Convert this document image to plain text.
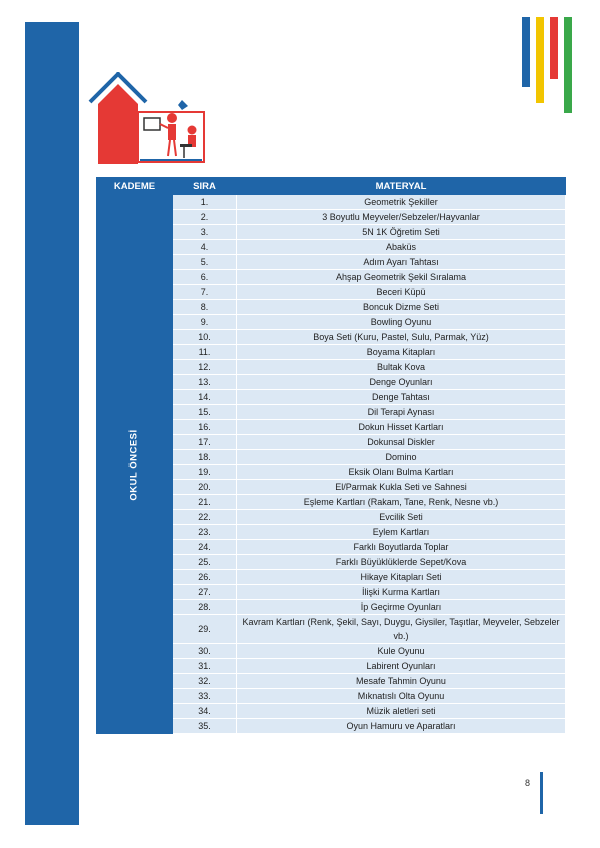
KADEME	SIRA	MATERYAL
OKUL ÖNCESİ	1.	Geometrik Şekiller
	2.	3 Boyutlu Meyveler/Sebzeler/Hayvanlar
	3.	5N 1K Öğretim Seti
	4.	Abaküs
	5.	Adım Ayarı Tahtası
	6.	Ahşap Geometrik Şekil Sıralama
	7.	Beceri Küpü
	8.	Boncuk Dizme Seti
	9.	Bowling Oyunu
	10.	Boya Seti (Kuru, Pastel, Sulu, Parmak, Yüz)
	11.	Boyama Kitapları
	12.	Bultak Kova
	13.	Denge Oyunları
	14.	Denge Tahtası
	15.	Dil Terapi Aynası
	16.	Dokun Hisset Kartları
	17.	Dokunsal Diskler
	18.	Domino
	19.	Eksik Olanı Bulma Kartları
	20.	El/Parmak Kukla Seti ve Sahnesi
	21.	Eşleme Kartları (Rakam, Tane, Renk, Nesne vb.)
	22.	Evcilik Seti
	23.	Eylem Kartları
	24.	Farklı Boyutlarda Toplar
	25.	Farklı Büyüklüklerde Sepet/Kova
	26.	Hikaye Kitapları Seti
	27.	İlişki Kurma Kartları
	28.	İp Geçirme Oyunları
	29.	Kavram Kartları (Renk, Şekil, Sayı, Duygu, Giysiler, Taşıtlar, Meyveler, Sebzeler vb.)
	30.	Kule Oyunu
	31.	Labirent Oyunları
	32.	Mesafe Tahmin Oyunu
	33.	Mıknatıslı Olta Oyunu
	34.	Müzik aletleri seti
	35.	Oyun Hamuru ve Aparatları
8
